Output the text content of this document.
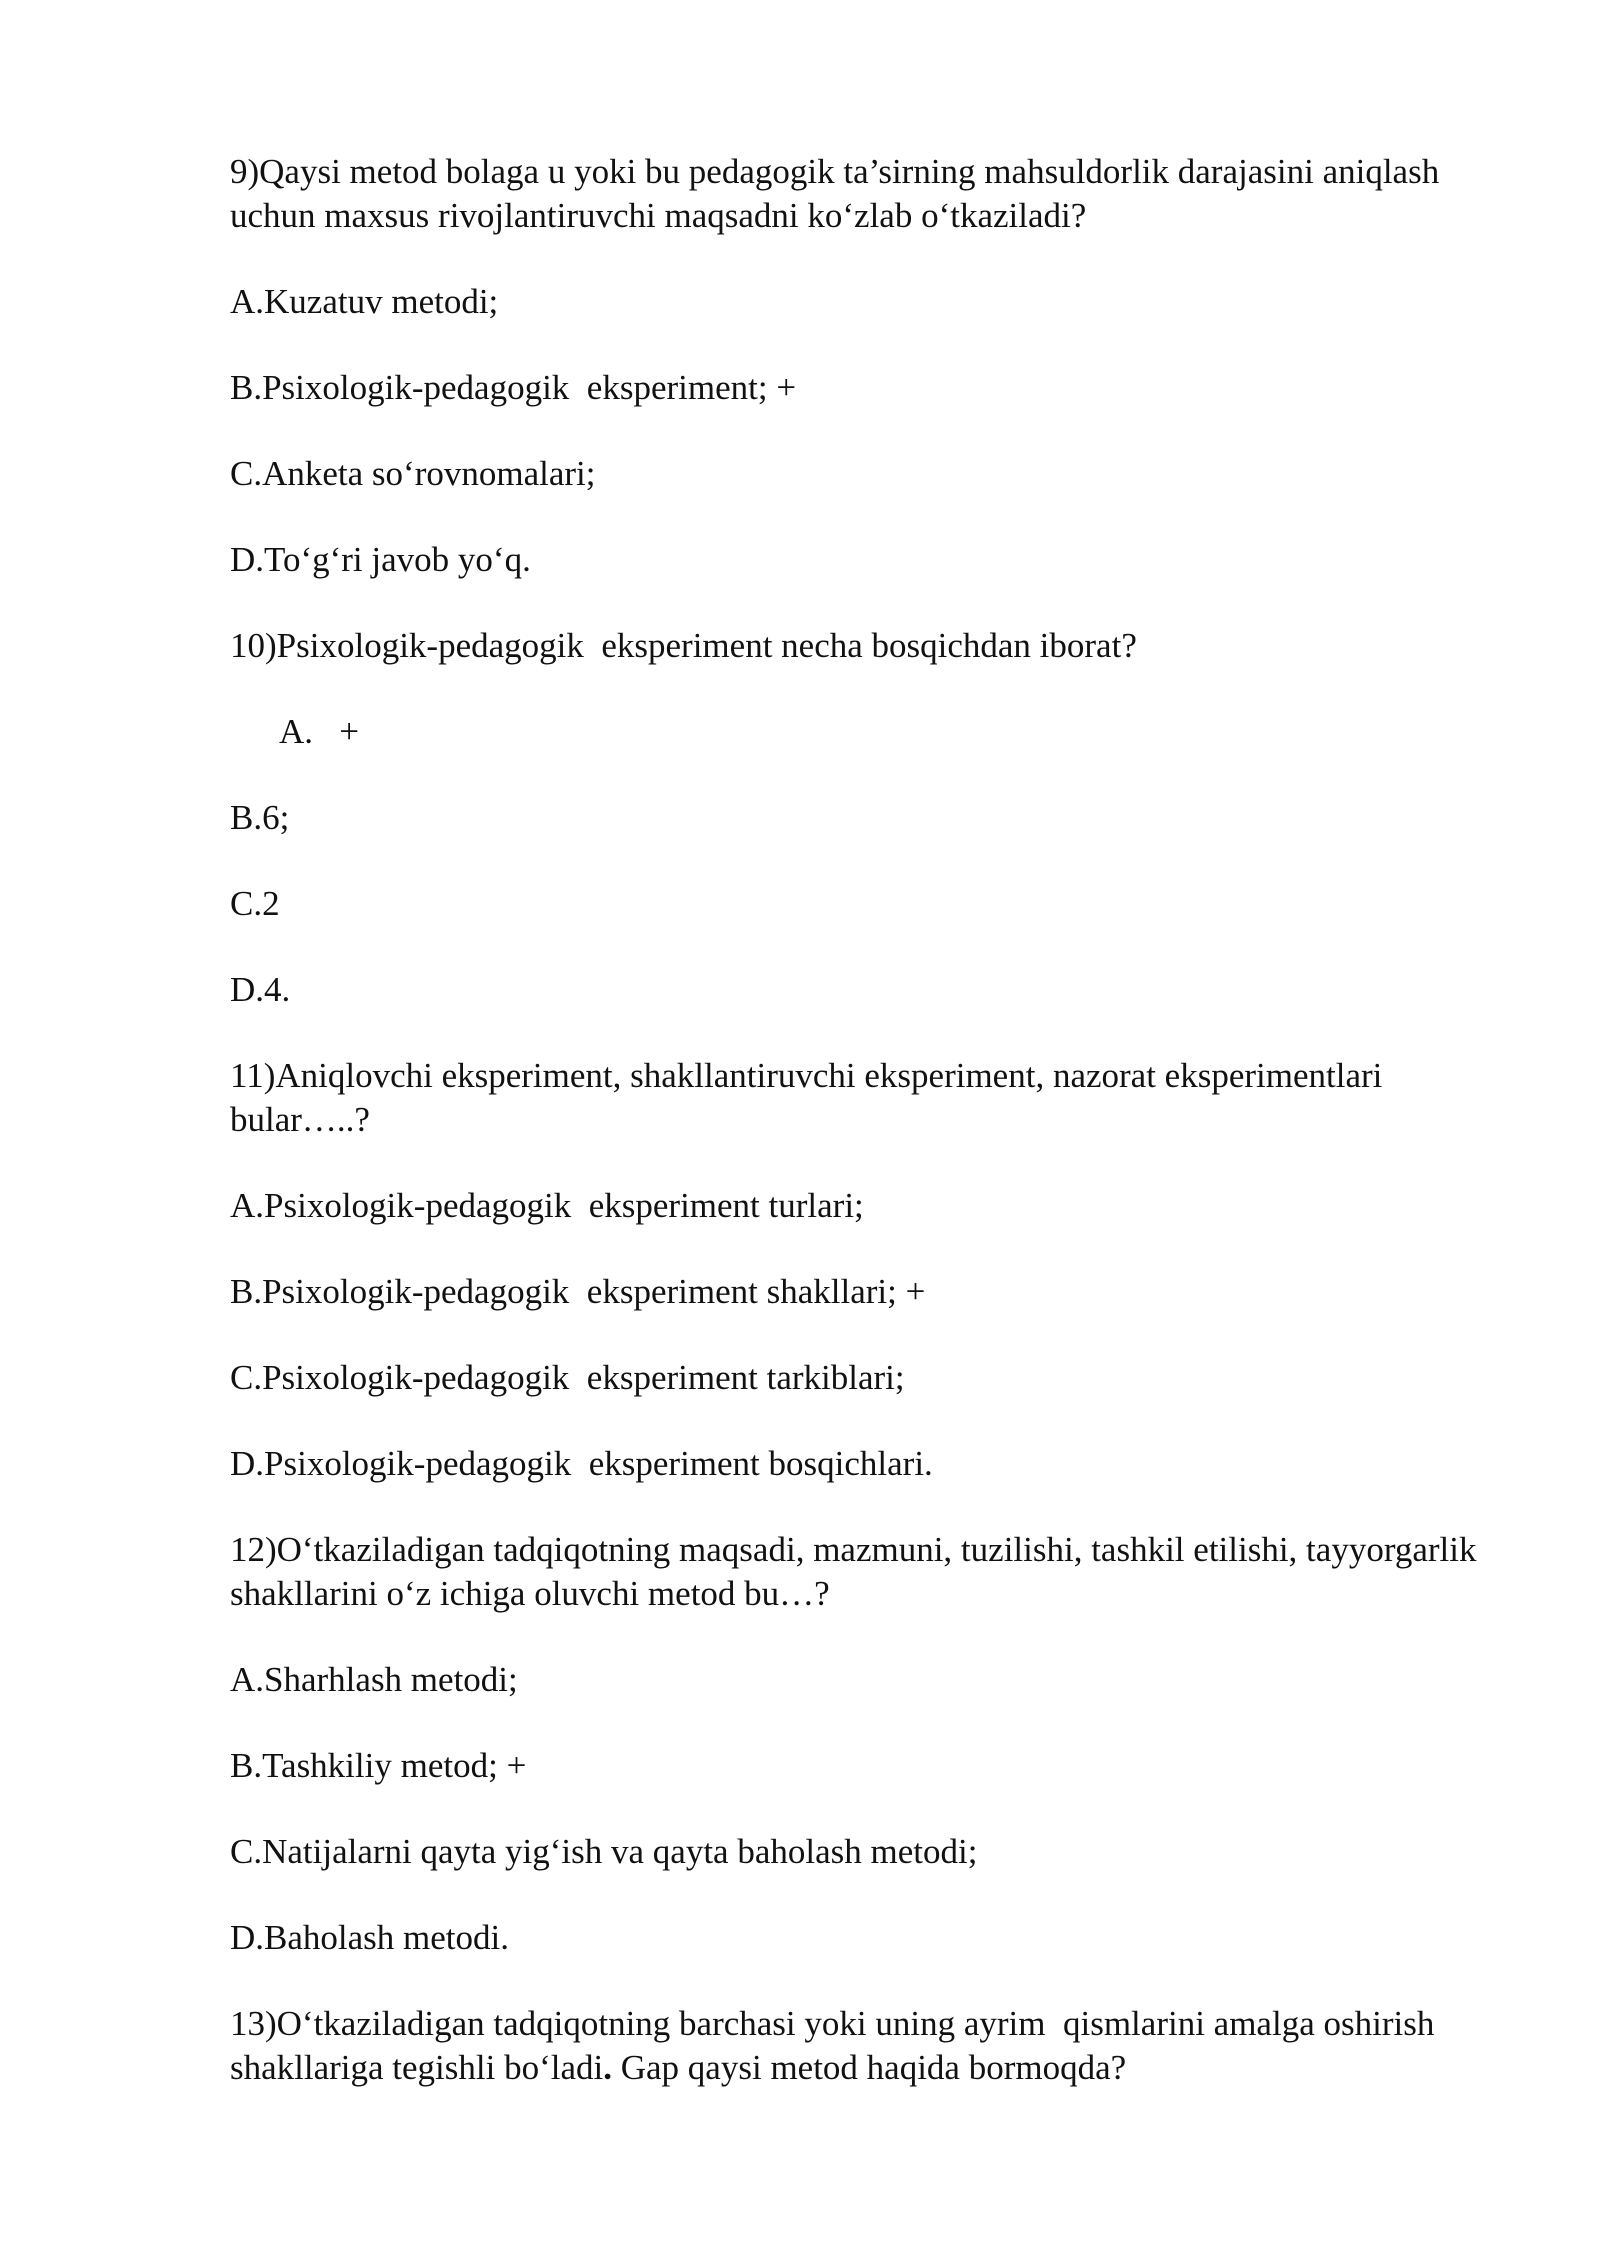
9)Qaysi metod bolaga u yoki bu pedagogik ta’sirning mahsuldorlik darajasini aniqlash uchun maxsus rivojlantiruvchi maqsadni ko‘zlab o‘tkaziladi?

A.Kuzatuv metodi;

B.Psixologik-pedagogik  eksperiment; +

C.Anketa so‘rovnomalari;

D.To‘g‘ri javob yo‘q.

10)Psixologik-pedagogik  eksperiment necha bosqichdan iborat?

A.   +

B.6;

C.2

D.4.

11)Aniqlovchi eksperiment, shakllantiruvchi eksperiment, nazorat eksperimentlari bular…..?

A.Psixologik-pedagogik  eksperiment turlari;

B.Psixologik-pedagogik  eksperiment shakllari; +

C.Psixologik-pedagogik  eksperiment tarkiblari;

D.Psixologik-pedagogik  eksperiment bosqichlari.

12)O‘tkaziladigan tadqiqotning maqsadi, mazmuni, tuzilishi, tashkil etilishi, tayyorgarlik shakllarini o‘z ichiga oluvchi metod bu…?

A.Sharhlash metodi;

B.Tashkiliy metod; +

C.Natijalarni qayta yig‘ish va qayta baholash metodi;

D.Baholash metodi.

13)O‘tkaziladigan tadqiqotning barchasi yoki uning ayrim  qismlarini amalga oshirish  shakllariga tegishli bo‘ladi. Gap qaysi metod haqida bormoqda?
